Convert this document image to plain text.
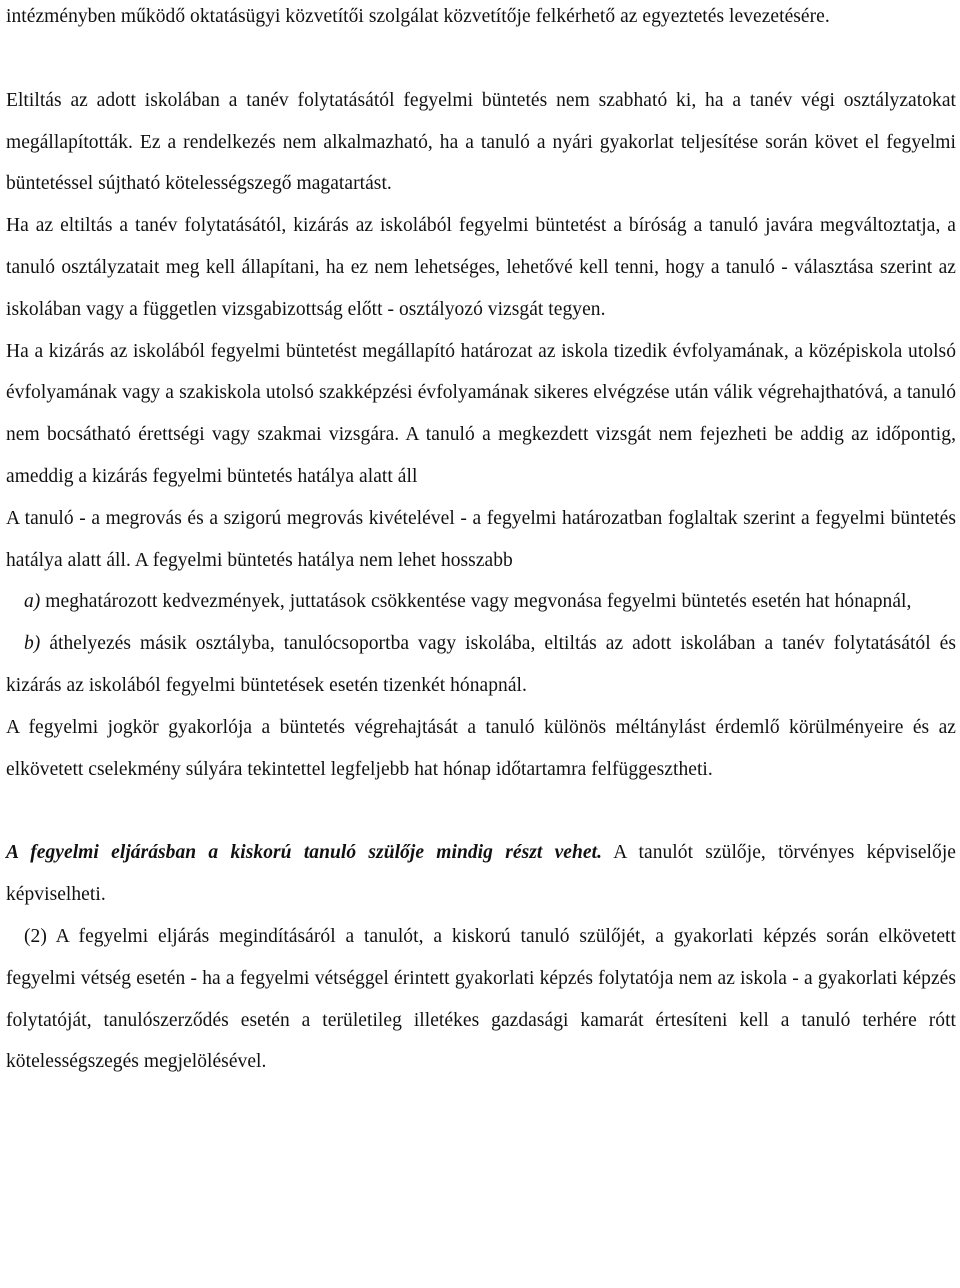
intézményben működő oktatásügyi közvetítői szolgálat közvetítője felkérhető az egyeztetés levezetésére.

Eltiltás az adott iskolában a tanév folytatásától fegyelmi büntetés nem szabható ki, ha a tanév végi osztályzatokat megállapították. Ez a rendelkezés nem alkalmazható, ha a tanuló a nyári gyakorlat teljesítése során követ el fegyelmi büntetéssel sújtható kötelességszegő magatartást.

Ha az eltiltás a tanév folytatásától, kizárás az iskolából fegyelmi büntetést a bíróság a tanuló javára megváltoztatja, a tanuló osztályzatait meg kell állapítani, ha ez nem lehetséges, lehetővé kell tenni, hogy a tanuló - választása szerint az iskolában vagy a független vizsgabizottság előtt - osztályozó vizsgát tegyen.

Ha a kizárás az iskolából fegyelmi büntetést megállapító határozat az iskola tizedik évfolyamának, a középiskola utolsó évfolyamának vagy a szakiskola utolsó szakképzési évfolyamának sikeres elvégzése után válik végrehajthatóvá, a tanuló nem bocsátható érettségi vagy szakmai vizsgára. A tanuló a megkezdett vizsgát nem fejezheti be addig az időpontig, ameddig a kizárás fegyelmi büntetés hatálya alatt áll

A tanuló - a megrovás és a szigorú megrovás kivételével - a fegyelmi határozatban foglaltak szerint a fegyelmi büntetés hatálya alatt áll. A fegyelmi büntetés hatálya nem lehet hosszabb

a) meghatározott kedvezmények, juttatások csökkentése vagy megvonása fegyelmi büntetés esetén hat hónapnál,

b) áthelyezés másik osztályba, tanulócsoportba vagy iskolába, eltiltás az adott iskolában a tanév folytatásától és kizárás az iskolából fegyelmi büntetések esetén tizenkét hónapnál.

A fegyelmi jogkör gyakorlója a büntetés végrehajtását a tanuló különös méltánylást érdemlő körülményeire és az elkövetett cselekmény súlyára tekintettel legfeljebb hat hónap időtartamra felfüggesztheti.

A fegyelmi eljárásban a kiskorú tanuló szülője mindig részt vehet. A tanulót szülője, törvényes képviselője képviselheti.

(2) A fegyelmi eljárás megindításáról a tanulót, a kiskorú tanuló szülőjét, a gyakorlati képzés során elkövetett fegyelmi vétség esetén - ha a fegyelmi vétséggel érintett gyakorlati képzés folytatója nem az iskola - a gyakorlati képzés folytatóját, tanulószerződés esetén a területileg illetékes gazdasági kamarát értesíteni kell a tanuló terhére rótt kötelességszegés megjelölésével.
